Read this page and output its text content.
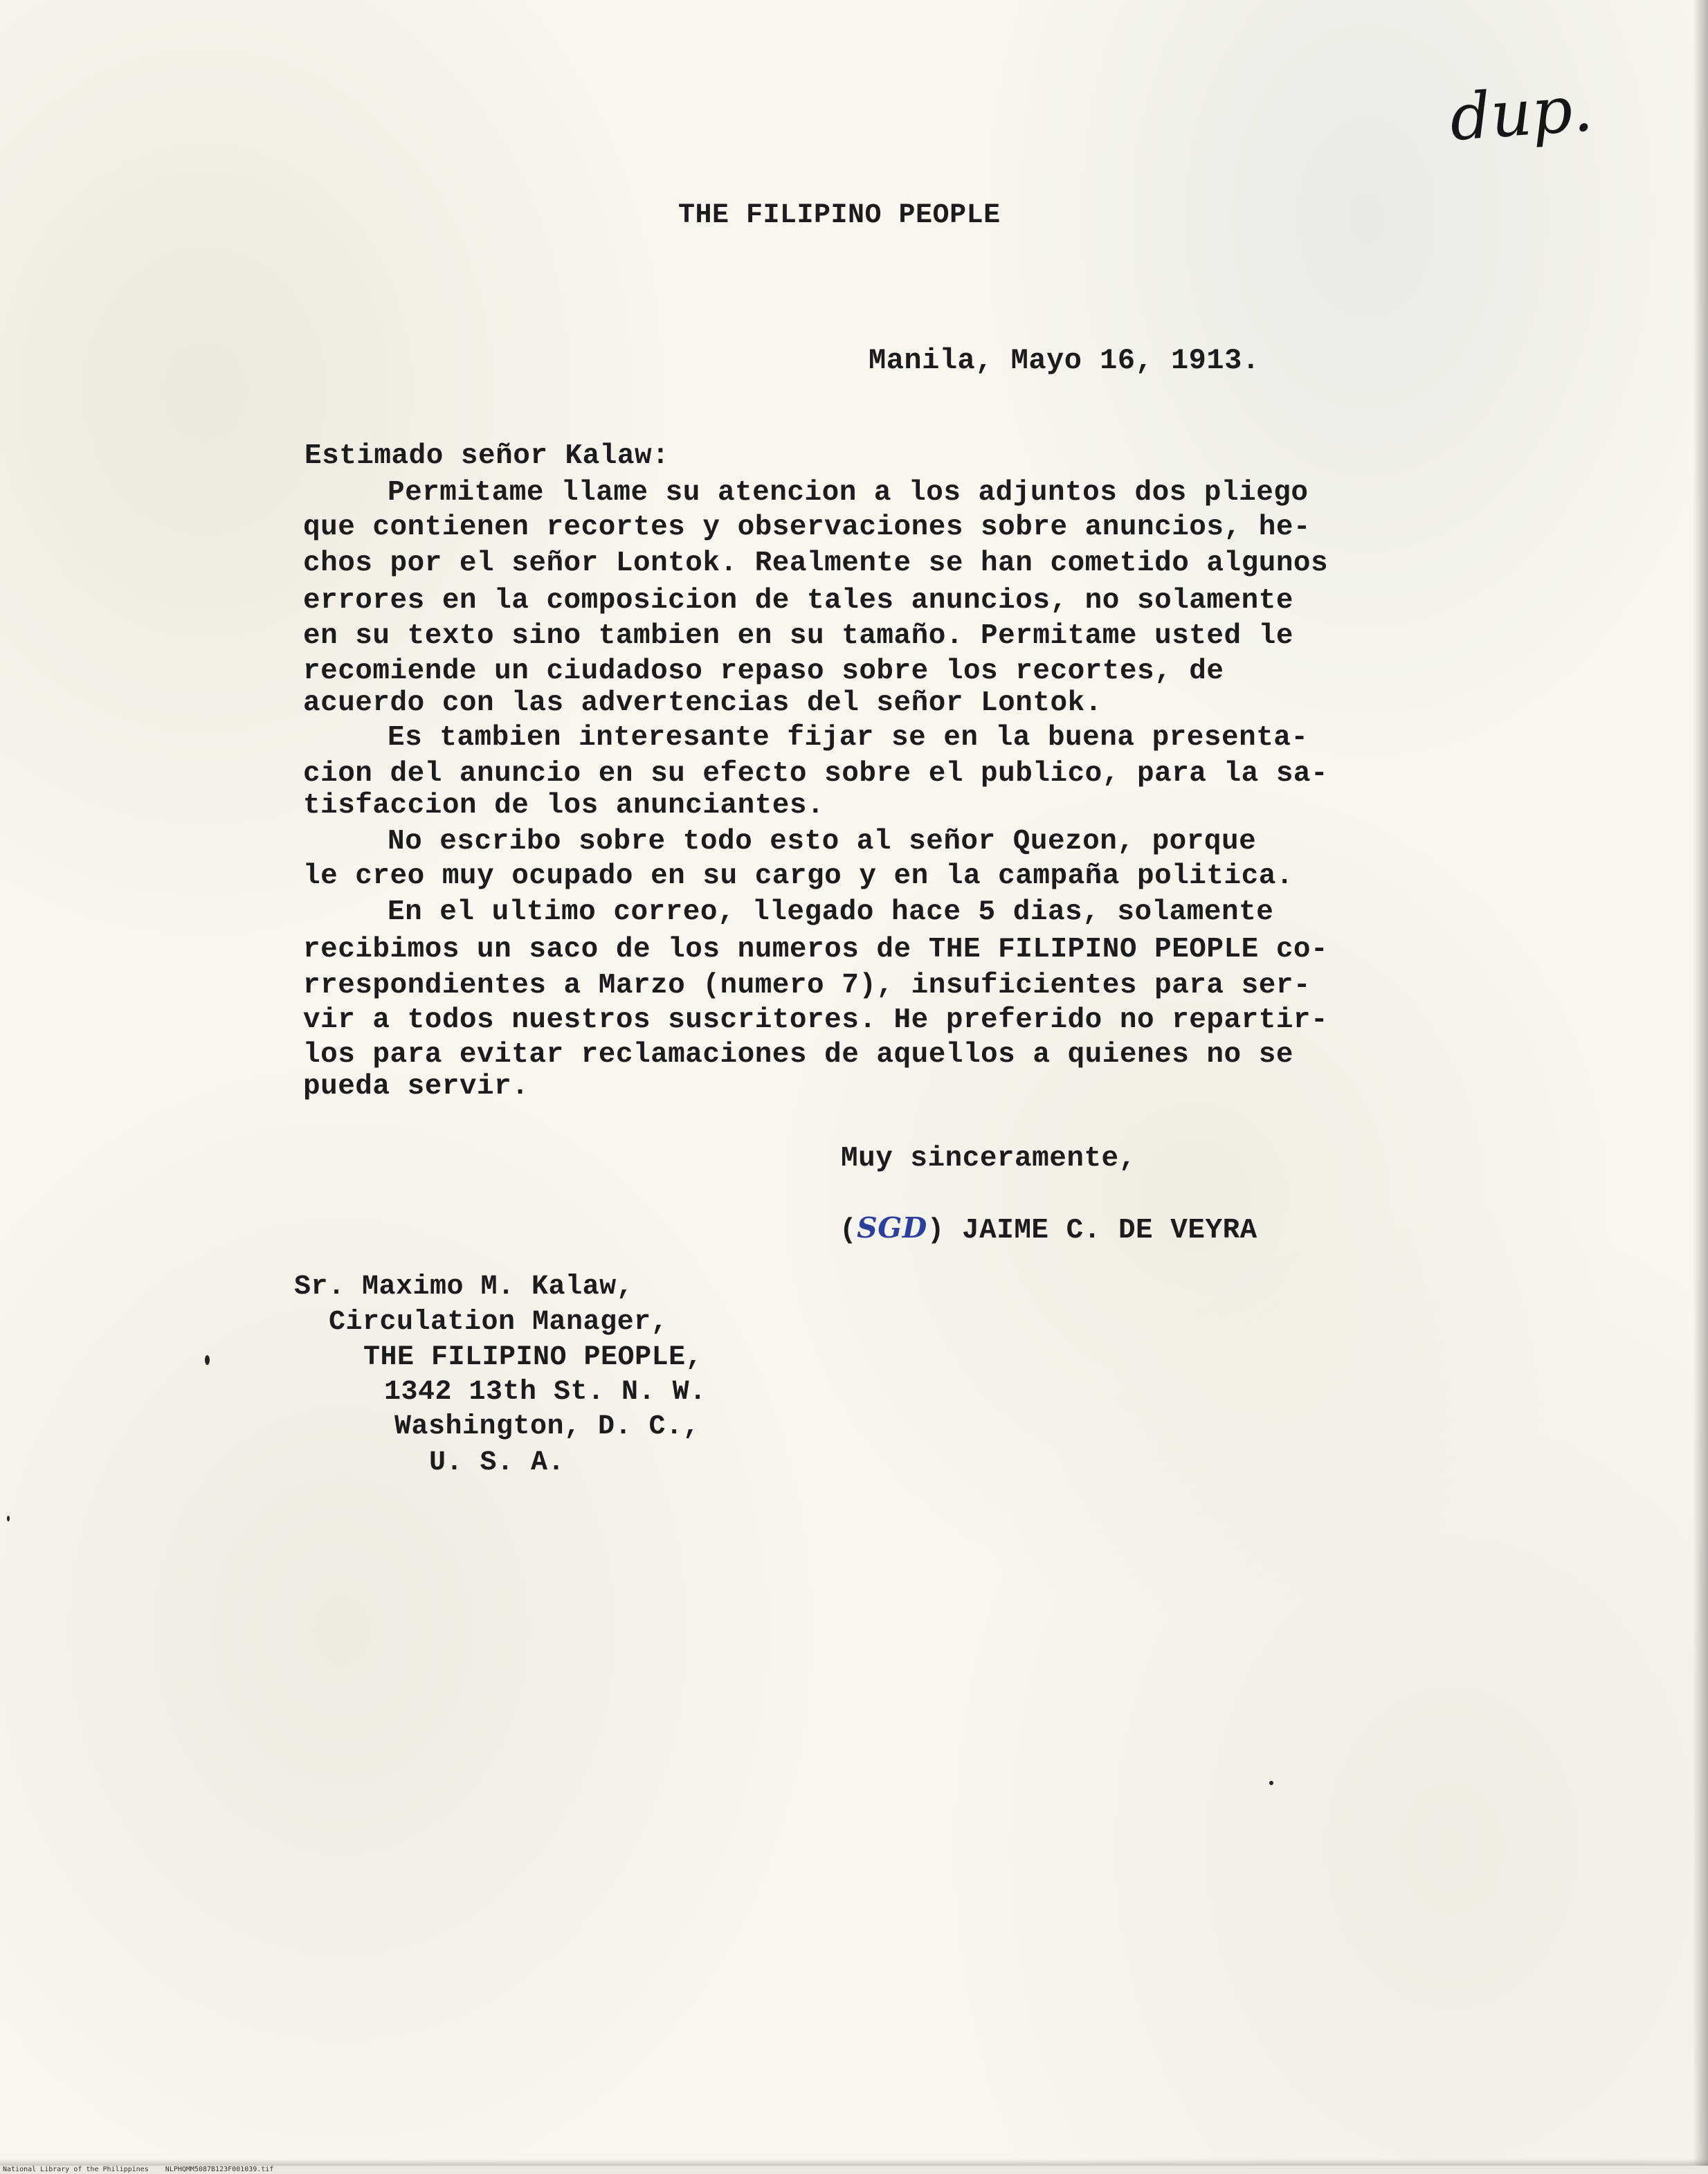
dup.
THE FILIPINO PEOPLE
Manila, Mayo 16, 1913.
Estimado señor Kalaw:
Permitame llame su atencion a los adjuntos dos pliego
que contienen recortes y observaciones sobre anuncios, he-
chos por el señor Lontok. Realmente se han cometido algunos
errores en la composicion de tales anuncios, no solamente
en su texto sino tambien en su tamaño. Permitame usted le
recomiende un ciudadoso repaso sobre los recortes, de
acuerdo con las advertencias del señor Lontok.
Es tambien interesante fijar se en la buena presenta-
cion del anuncio en su efecto sobre el publico, para la sa-
tisfaccion de los anunciantes.
No escribo sobre todo esto al señor Quezon, porque
le creo muy ocupado en su cargo y en la campaña politica.
En el ultimo correo, llegado hace 5 dias, solamente
recibimos un saco de los numeros de THE FILIPINO PEOPLE co-
rrespondientes a Marzo (numero 7), insuficientes para ser-
vir a todos nuestros suscritores. He preferido no repartir-
los para evitar reclamaciones de aquellos a quienes no se
pueda servir.
Muy sinceramente,
(SGD) JAIME C. DE VEYRA
Sr. Maximo M. Kalaw,
Circulation Manager,
THE FILIPINO PEOPLE,
1342 13th St. N. W.
Washington, D. C.,
U. S. A.
National Library of the Philippines    NLPHQMM5087B123F001039.tif
